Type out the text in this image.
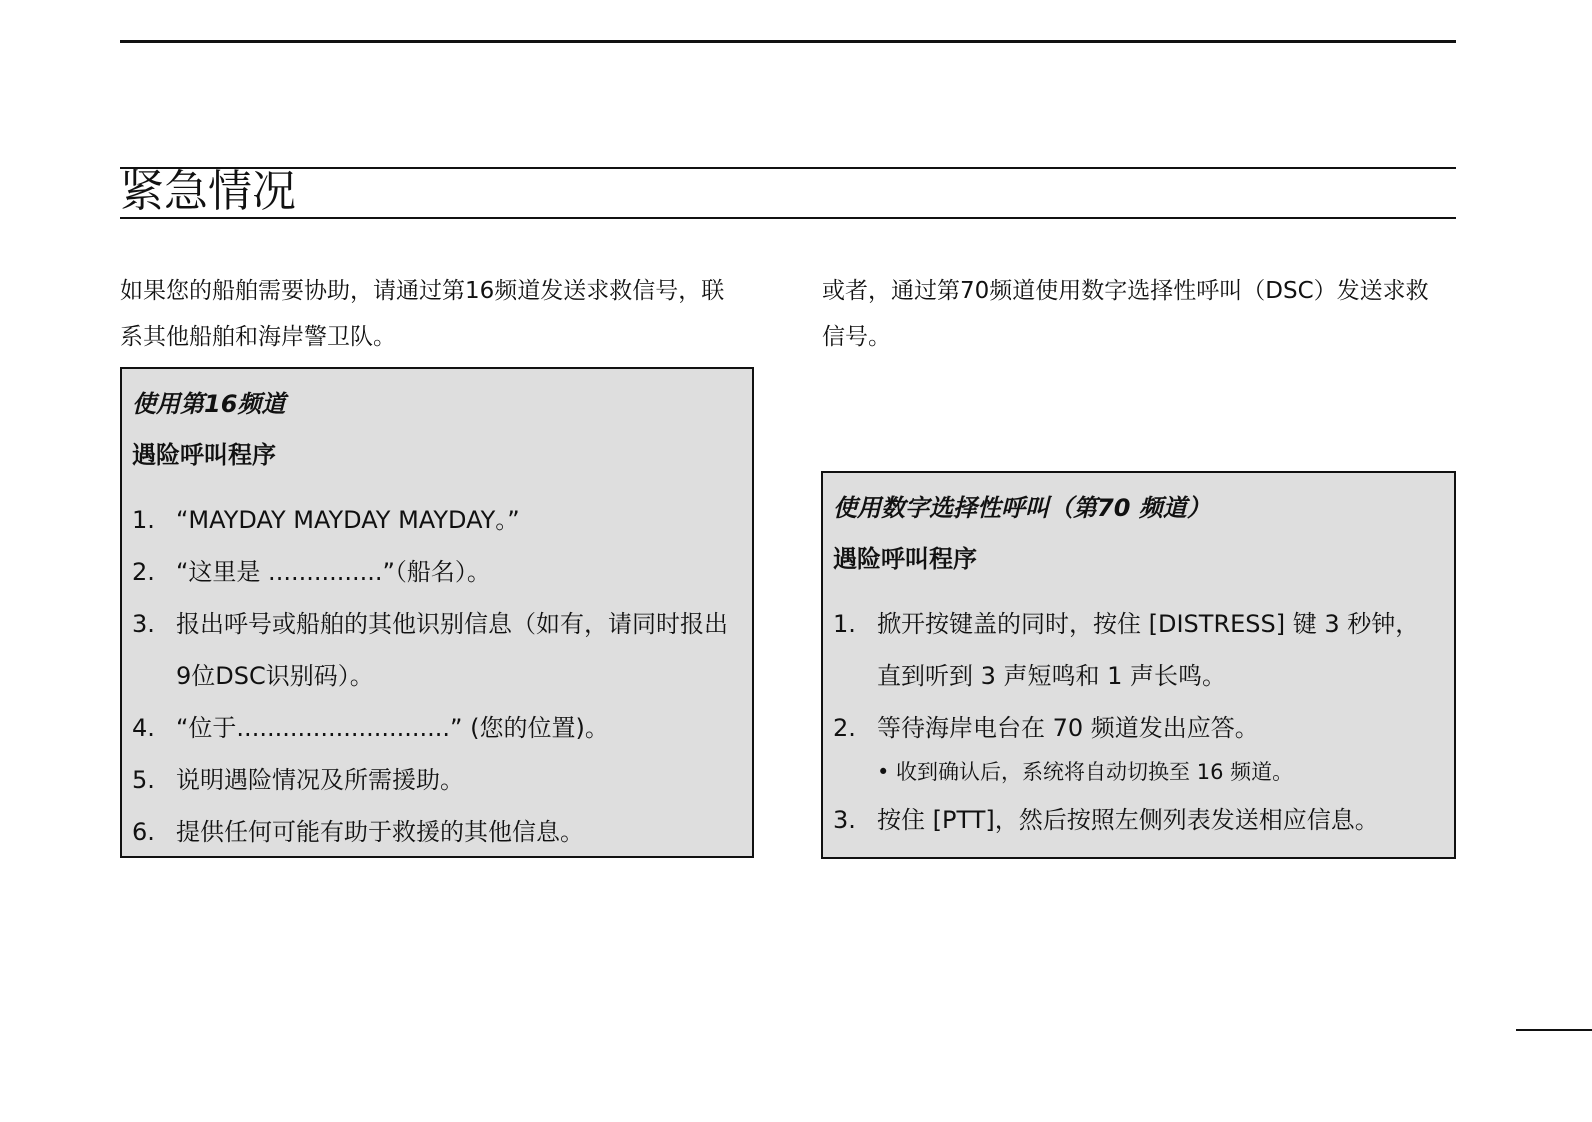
紧急情况

如果您的船舶需要协助，请通过第16频道发送求救信号，联系其他船舶和海岸警卫队。

或者，通过第70频道使用数字选择性呼叫（DSC）发送求救信号。

使用第16频道
遇险呼叫程序
1. “MAYDAY MAYDAY MAYDAY。”
2. “这里是 ...............”（船名）。
3. 报出呼号或船舶的其他识别信息（如有，请同时报出9位DSC识别码）。
4. “位于............................” (您的位置)。
5. 说明遇险情况及所需援助。
6. 提供任何可能有助于救援的其他信息。
使用数字选择性呼叫（第70 频道）
遇险呼叫程序
1. 掀开按键盖的同时，按住 [DISTRESS] 键 3 秒钟，直到听到 3 声短鸣和 1 声长鸣。
2. 等待海岸电台在 70 频道发出应答。
• 收到确认后，系统将自动切换至 16 频道。
3. 按住 [PTT]，然后按照左侧列表发送相应信息。
